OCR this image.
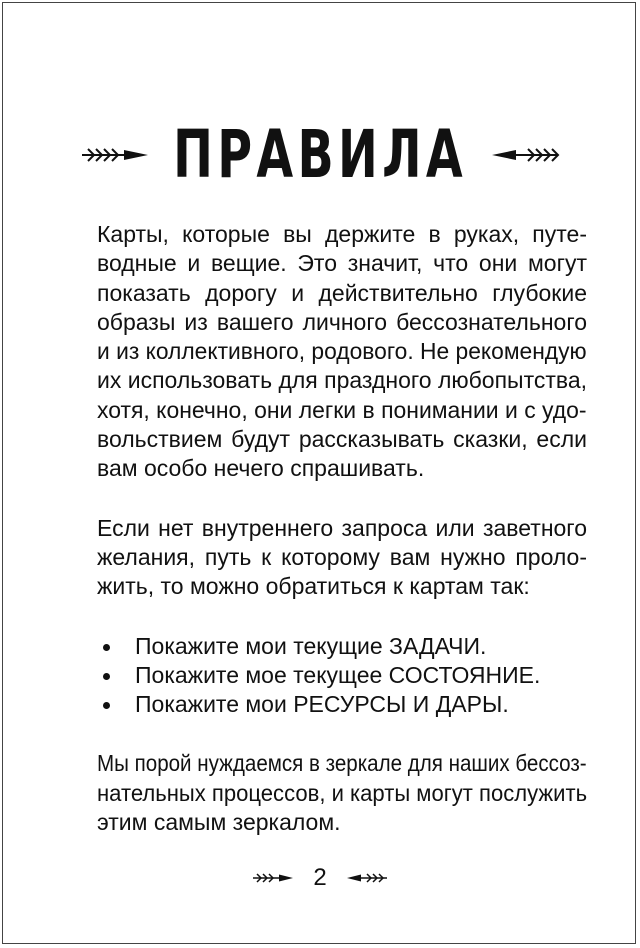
ПРАВИЛА
Карты, которые вы держите в руках, путе-
водные и вещие. Это значит, что они могут
показать дорогу и действительно глубокие
образы из вашего личного бессознательного
и из коллективного, родового. Не рекомендую
их использовать для праздного любопытства,
хотя, конечно, они легки в понимании и с удо-
вольствием будут рассказывать сказки, если
вам особо нечего спрашивать.
Если нет внутреннего запроса или заветного
желания, путь к которому вам нужно проло-
жить, то можно обратиться к картам так:
Покажите мои текущие ЗАДАЧИ.
Покажите мое текущее СОСТОЯНИЕ.
Покажите мои РЕСУРСЫ И ДАРЫ.
Мы порой нуждаемся в зеркале для наших бессоз-
нательных процессов, и карты могут послужить
этим самым зеркалом.
2
